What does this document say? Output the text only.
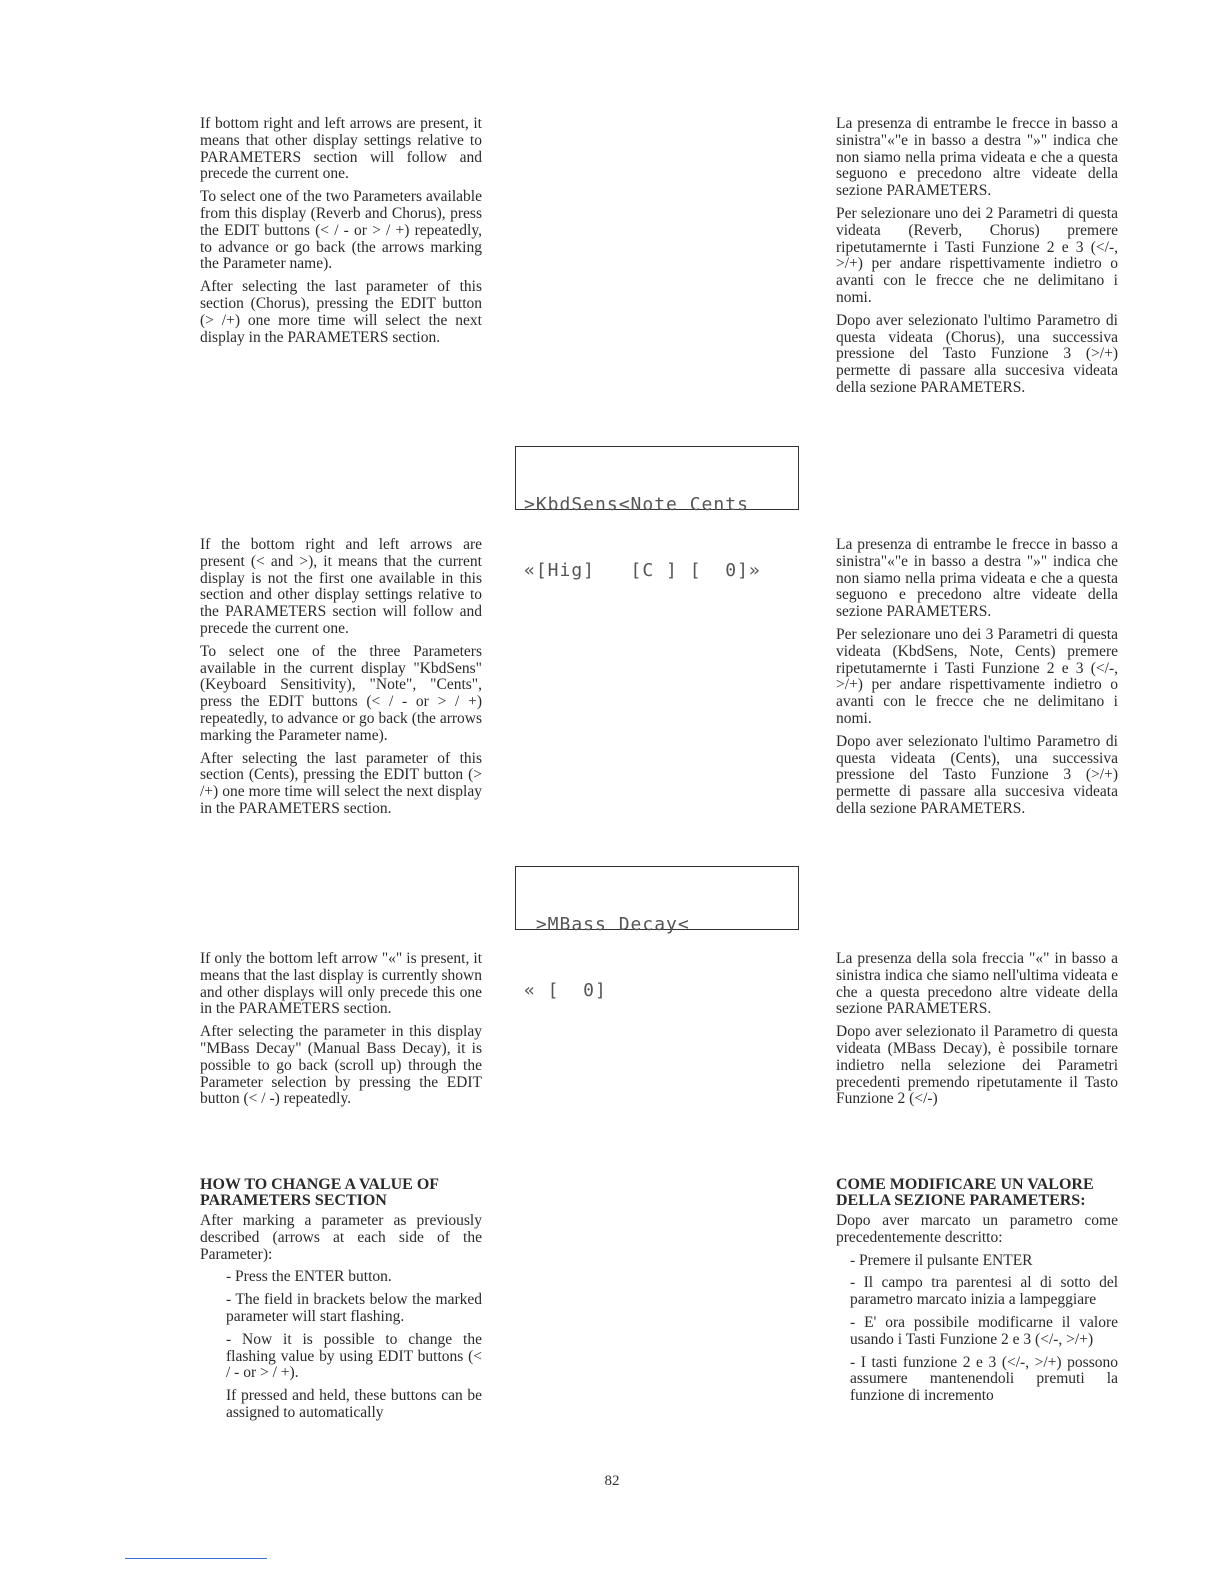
If bottom right and left arrows are present, it means that other display settings relative to PARAMETERS section will follow and precede the current one.

To select one of the two Parameters available from this display (Reverb and Chorus), press the EDIT buttons (< / - or > / +) repeatedly, to advance or go back (the arrows marking the Parameter name).

After selecting the last parameter of this section (Chorus), pressing the EDIT button (> /+) one more time will select the next display in the PARAMETERS section.

La presenza di entrambe le frecce in basso a sinistra"«"e in basso a destra "»" indica che non siamo nella prima videata e che a questa seguono e precedono altre videate della sezione PARAMETERS.

Per selezionare uno dei 2 Parametri di questa videata (Reverb, Chorus) premere ripetutamernte i Tasti Funzione 2 e 3 (</-, >/+) per andare rispettivamente indietro o avanti con le frecce che ne delimitano i nomi.

Dopo aver selezionato l'ultimo Parametro di questa videata (Chorus), una successiva pressione del Tasto Funzione 3 (>/+) permette di passare alla succesiva videata della sezione PARAMETERS.

>KbdSens<Note Cents

«[Hig]   [C ] [  0]»

If the bottom right and left arrows are present (< and >), it means that the current display is not the first one available in this section and other display settings relative to the PARAMETERS section will follow and precede the current one.

To select one of the three Parameters available in the current display "KbdSens" (Keyboard Sensitivity), "Note", "Cents", press the EDIT buttons (< / - or > / +) repeatedly, to advance or go back (the arrows marking the Parameter name).

After selecting the last parameter of this section (Cents), pressing the EDIT button (> /+) one more time will select the next display in the PARAMETERS section.

La presenza di entrambe le frecce in basso a sinistra"«"e in basso a destra "»" indica che non siamo nella prima videata e che a questa seguono e precedono altre videate della sezione PARAMETERS.

Per selezionare uno dei 3 Parametri di questa videata (KbdSens, Note, Cents) premere ripetutamernte i Tasti Funzione 2 e 3 (</-, >/+) per andare rispettivamente indietro o avanti con le frecce che ne delimitano i nomi.

Dopo aver selezionato l'ultimo Parametro di questa videata (Cents), una successiva pressione del Tasto Funzione 3 (>/+) permette di passare alla succesiva videata della sezione PARAMETERS.

>MBass Decay<

« [  0]

If only the bottom left arrow "«" is present, it means that the last display is currently shown and other displays will only precede this one in the PARAMETERS section.

After selecting the parameter in this display "MBass Decay" (Manual Bass Decay), it is possible to go back (scroll up) through the Parameter selection by pressing the EDIT button (< / -) repeatedly.

La presenza della sola freccia "«" in basso a sinistra indica che siamo nell'ultima videata e che a questa precedono altre videate della sezione PARAMETERS.

Dopo aver selezionato il Parametro di questa videata (MBass Decay), è possibile tornare indietro nella selezione dei Parametri precedenti premendo ripetutamente il Tasto Funzione 2 (</-)

HOW TO CHANGE A VALUE OF PARAMETERS SECTION

After marking a parameter as previously described (arrows at each side of the Parameter):

- Press the ENTER button.

- The field in brackets below the marked parameter will start flashing.

- Now it is possible to change the flashing value by using EDIT buttons (< / - or > / +).

If pressed and held, these buttons can be assigned to automatically

COME MODIFICARE UN VALORE DELLA SEZIONE PARAMETERS:

Dopo aver marcato un parametro come precedentemente descritto:

- Premere il pulsante ENTER

- Il campo tra parentesi al di sotto del parametro marcato inizia a lampeggiare

- E' ora possibile modificarne il valore usando i Tasti Funzione 2 e 3 (</-, >/+)

- I tasti funzione 2 e 3 (</-, >/+) possono assumere mantenendoli premuti la funzione di incremento

82
